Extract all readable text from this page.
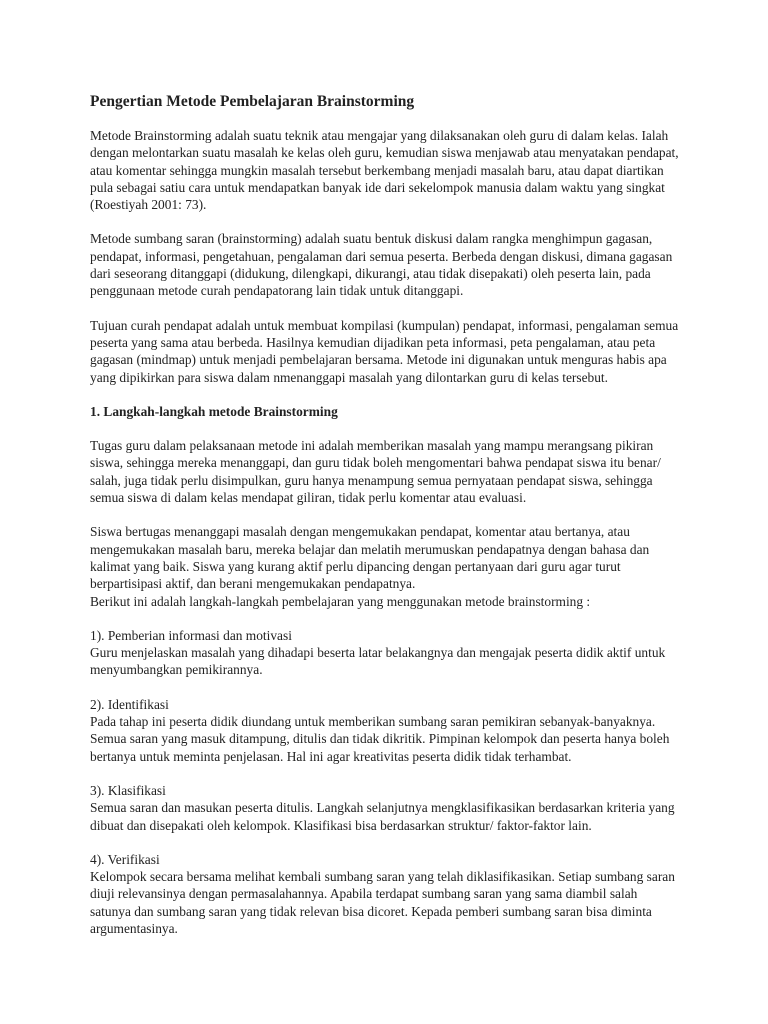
Pengertian Metode Pembelajaran Brainstorming

Metode Brainstorming adalah suatu teknik atau mengajar yang dilaksanakan oleh guru di dalam kelas. Ialah dengan melontarkan suatu masalah ke kelas oleh guru, kemudian siswa menjawab atau menyatakan pendapat, atau komentar sehingga mungkin masalah tersebut berkembang menjadi masalah baru, atau dapat diartikan pula sebagai satiu cara untuk mendapatkan banyak ide dari sekelompok manusia dalam waktu yang singkat (Roestiyah 2001: 73).

Metode sumbang saran (brainstorming) adalah suatu bentuk diskusi dalam rangka menghimpun gagasan, pendapat, informasi, pengetahuan, pengalaman dari semua peserta. Berbeda dengan diskusi, dimana gagasan dari seseorang ditanggapi (didukung, dilengkapi, dikurangi, atau tidak disepakati) oleh peserta lain, pada penggunaan metode curah pendapatorang lain tidak untuk ditanggapi.

Tujuan curah pendapat adalah untuk membuat kompilasi (kumpulan) pendapat, informasi, pengalaman semua peserta yang sama atau berbeda. Hasilnya kemudian dijadikan peta informasi, peta pengalaman, atau peta gagasan (mindmap) untuk menjadi pembelajaran bersama. Metode ini digunakan untuk menguras habis apa yang dipikirkan para siswa dalam nmenanggapi masalah yang dilontarkan guru di kelas tersebut.

1. Langkah-langkah metode Brainstorming

Tugas guru dalam pelaksanaan metode ini adalah memberikan masalah yang mampu merangsang pikiran siswa, sehingga mereka menanggapi, dan guru tidak boleh mengomentari bahwa pendapat siswa itu benar/ salah, juga tidak perlu disimpulkan, guru hanya menampung semua pernyataan pendapat siswa, sehingga semua siswa di dalam kelas mendapat giliran, tidak perlu komentar atau evaluasi.

Siswa bertugas menanggapi masalah dengan mengemukakan pendapat, komentar atau bertanya, atau mengemukakan masalah baru, mereka belajar dan melatih merumuskan pendapatnya dengan bahasa dan kalimat yang baik. Siswa yang kurang aktif perlu dipancing dengan pertanyaan dari guru agar turut berpartisipasi aktif, dan berani mengemukakan pendapatnya.

Berikut ini adalah langkah-langkah pembelajaran yang menggunakan metode brainstorming :

1). Pemberian informasi dan motivasi
Guru menjelaskan masalah yang dihadapi beserta latar belakangnya dan mengajak peserta didik aktif untuk menyumbangkan pemikirannya.

2). Identifikasi
Pada tahap ini peserta didik diundang untuk memberikan sumbang saran pemikiran sebanyak-banyaknya. Semua saran yang masuk ditampung, ditulis dan tidak dikritik. Pimpinan kelompok dan peserta hanya boleh bertanya untuk meminta penjelasan. Hal ini agar kreativitas peserta didik tidak terhambat.

3). Klasifikasi
Semua saran dan masukan peserta ditulis. Langkah selanjutnya mengklasifikasikan berdasarkan kriteria yang dibuat dan disepakati oleh kelompok. Klasifikasi bisa berdasarkan struktur/ faktor-faktor lain.

4). Verifikasi
Kelompok secara bersama melihat kembali sumbang saran yang telah diklasifikasikan. Setiap sumbang saran diuji relevansinya dengan permasalahannya. Apabila terdapat sumbang saran yang sama diambil salah satunya dan sumbang saran yang tidak relevan bisa dicoret. Kepada pemberi sumbang saran bisa diminta argumentasinya.
